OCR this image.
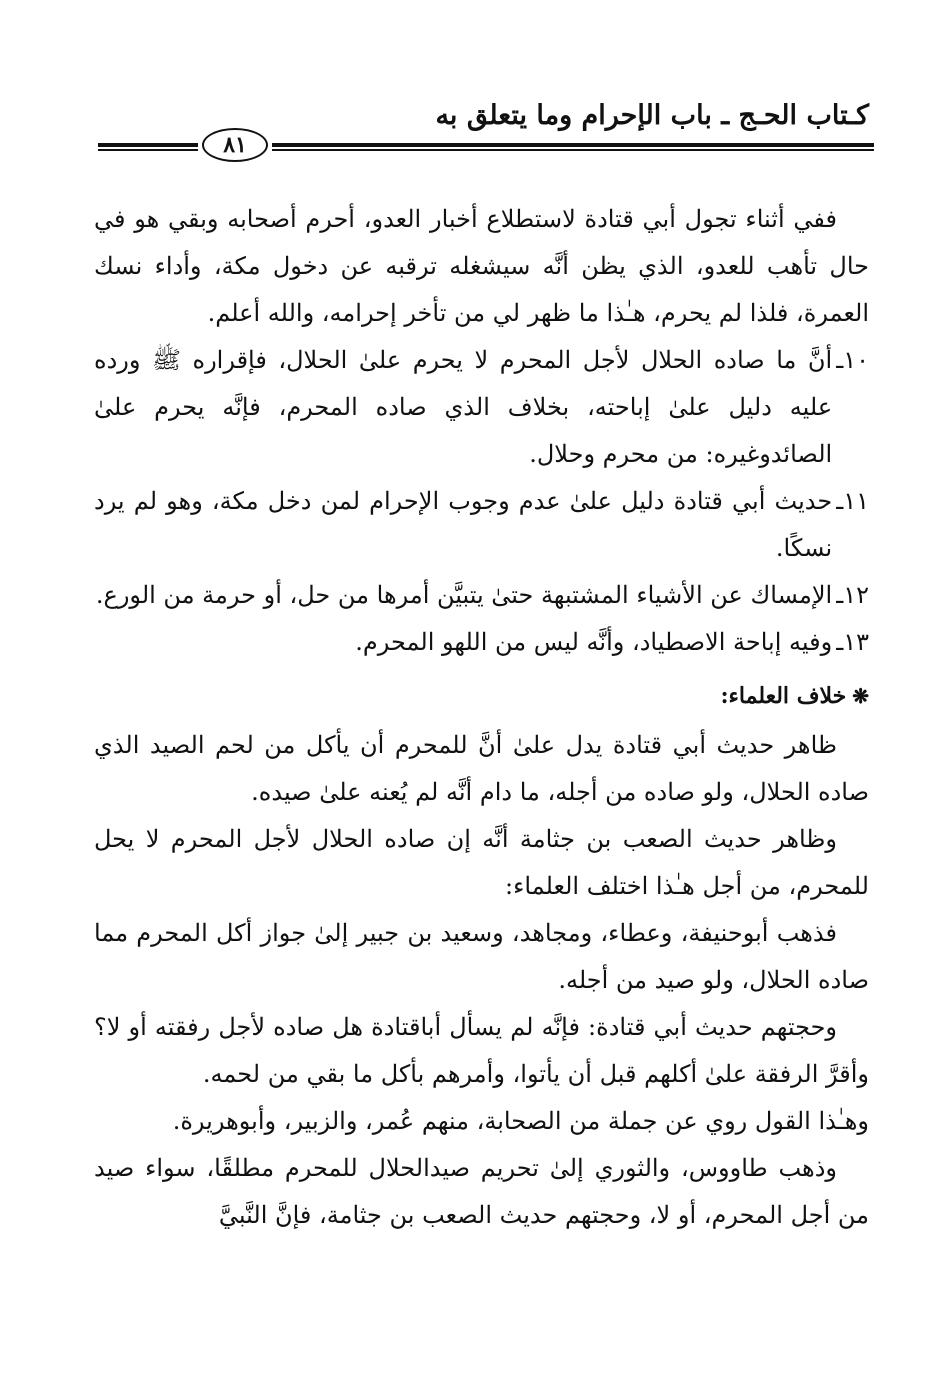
كـتاب الحـج ـ باب الإحرام وما يتعلق به
٨١

ففي أثناء تجول أبي قتادة لاستطلاع أخبار العدو، أحرم أصحابه وبقي هو في حال تأهب للعدو، الذي يظن أنَّه سيشغله ترقبه عن دخول مكة، وأداء نسك العمرة، فلذا لم يحرم، هـٰذا ما ظهر لي من تأخر إحرامه، والله أعلم.

١٠ـ
أنَّ ما صاده الحلال لأجل المحرم لا يحرم علىٰ الحلال، فإقراره ﷺ ورده عليه دليل علىٰ إباحته، بخلاف الذي صاده المحرم، فإنَّه يحرم علىٰ الصائدوغيره: من محرم وحلال.
١١ـ
حديث أبي قتادة دليل علىٰ عدم وجوب الإحرام لمن دخل مكة، وهو لم يرد نسكًا.
١٢ـ
الإمساك عن الأشياء المشتبهة حتىٰ يتبيَّن أمرها من حل، أو حرمة من الورع.
١٣ـ
وفيه إباحة الاصطياد، وأنَّه ليس من اللهو المحرم.
❋خلاف العلماء:

ظاهر حديث أبي قتادة يدل علىٰ أنَّ للمحرم أن يأكل من لحم الصيد الذي صاده الحلال، ولو صاده من أجله، ما دام أنَّه لم يُعنه علىٰ صيده.

وظاهر حديث الصعب بن جثامة أنَّه إن صاده الحلال لأجل المحرم لا يحل للمحرم، من أجل هـٰذا اختلف العلماء:

فذهب أبوحنيفة، وعطاء، ومجاهد، وسعيد بن جبير إلىٰ جواز أكل المحرم مما صاده الحلال، ولو صيد من أجله.

وحجتهم حديث أبي قتادة: فإنَّه لم يسأل أباقتادة هل صاده لأجل رفقته أو لا؟ وأقرَّ الرفقة علىٰ أكلهم قبل أن يأتوا، وأمرهم بأكل ما بقي من لحمه.

وهـٰذا القول روي عن جملة من الصحابة، منهم عُمر، والزبير، وأبوهريرة.

وذهب طاووس، والثوري إلىٰ تحريم صيدالحلال للمحرم مطلقًا، سواء صيد من أجل المحرم، أو لا، وحجتهم حديث الصعب بن جثامة، فإنَّ النَّبيَّ
